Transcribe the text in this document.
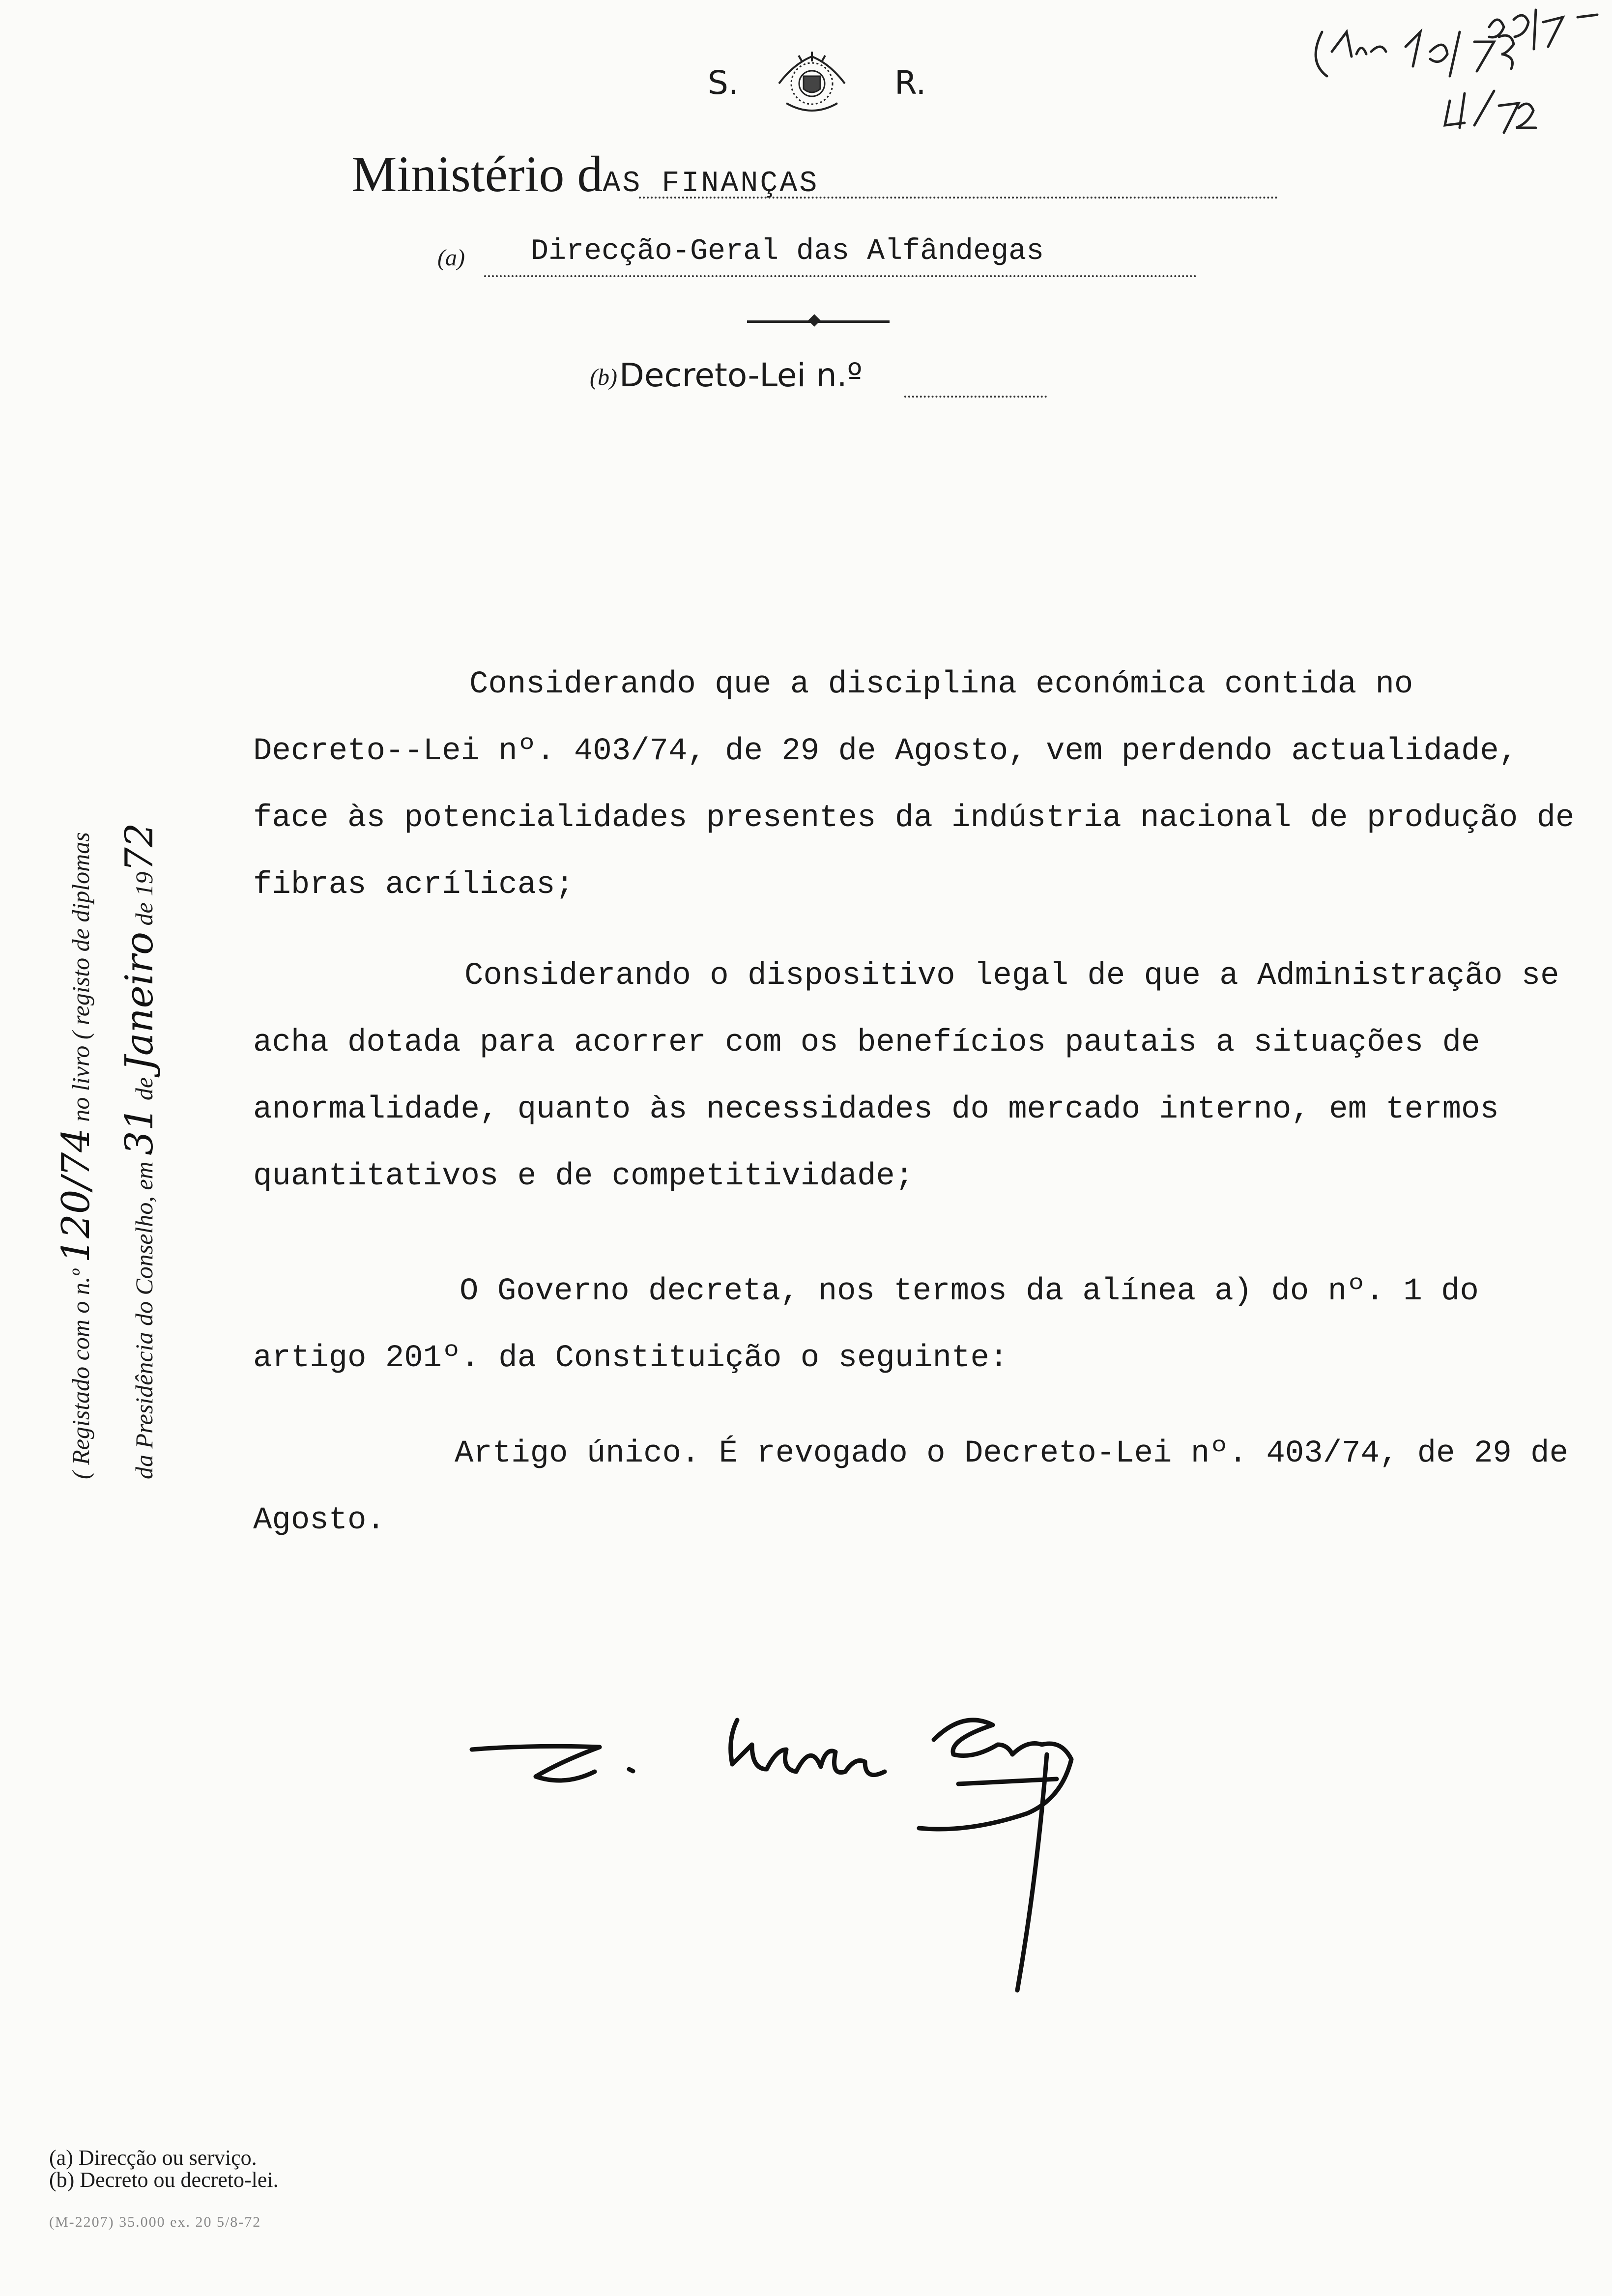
S.	R.
Ministério dAS FINANÇAS
(a) Direcção-Geral das Alfândegas
(b) Decreto-Lei n.º
( Registado com o n.º 120/74 no livro ( registo de diplomas
da Presidência do Conselho, em 31 de Janeiro de 1972
Considerando que a disciplina económica contida no Decreto--Lei nº. 403/74, de 29 de Agosto, vem perdendo actualidade, face às potencialidades presentes da indústria nacional de produção de fibras acrílicas;
Considerando o dispositivo legal de que a Administração se acha dotada para acorrer com os benefícios pautais a situações de anormalidade, quanto às necessidades do mercado interno, em termos quantitativos e de competitividade;
O Governo decreta, nos termos da alínea a) do nº. 1 do artigo 201º. da Constituição o seguinte:
Artigo único. É revogado o Decreto-Lei nº. 403/74, de 29 de Agosto.
(a) Direcção ou serviço.
(b) Decreto ou decreto-lei.
(M-2207) 35.000 ex. 20 5/8-72
